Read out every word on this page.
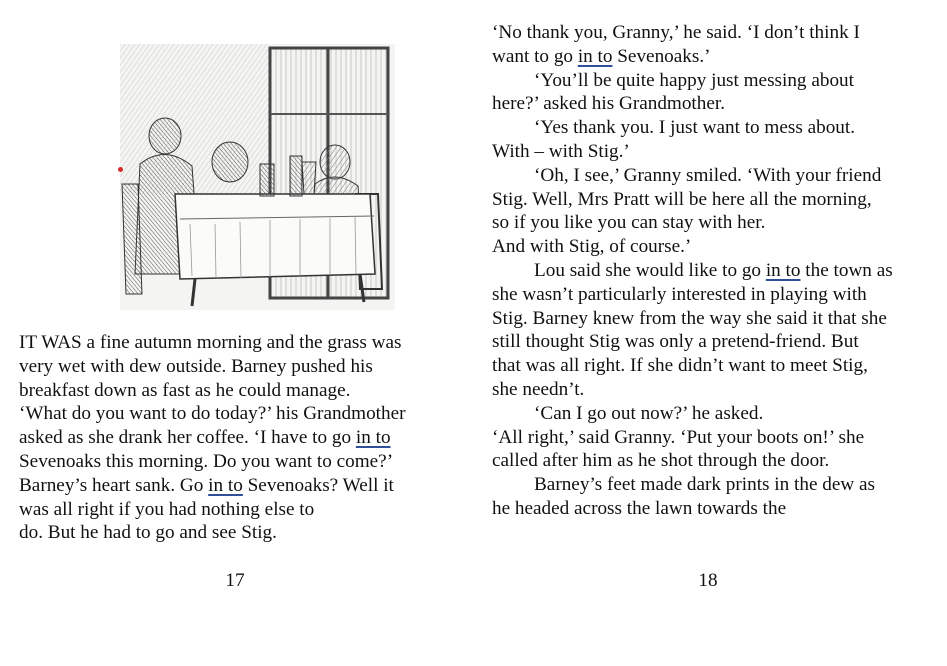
IT WAS a fine autumn morning and the grass was
very wet with dew outside. Barney pushed his
breakfast down as fast as he could manage.
‘What do you want to do today?’ his Grandmother
asked as she drank her coffee. ‘I have to go in to
Sevenoaks this morning. Do you want to come?’
Barney’s heart sank. Go in to Sevenoaks? Well it
was all right if you had nothing else to
do. But he had to go and see Stig.
17
‘No thank you, Granny,’ he said. ‘I don’t think I
want to go in to Sevenoaks.’
‘You’ll be quite happy just messing about
here?’ asked his Grandmother.
‘Yes thank you. I just want to mess about.
With – with Stig.’
‘Oh, I see,’ Granny smiled. ‘With your friend
Stig. Well, Mrs Pratt will be here all the morning,
so if you like you can stay with her.
And with Stig, of course.’
Lou said she would like to go in to the town as
she wasn’t particularly interested in playing with
Stig. Barney knew from the way she said it that she
still thought Stig was only a pretend-friend. But
that was all right. If she didn’t want to meet Stig,
she needn’t.
‘Can I go out now?’ he asked.
‘All right,’ said Granny. ‘Put your boots on!’ she
called after him as he shot through the door.
Barney’s feet made dark prints in the dew as
he headed across the lawn towards the
18
